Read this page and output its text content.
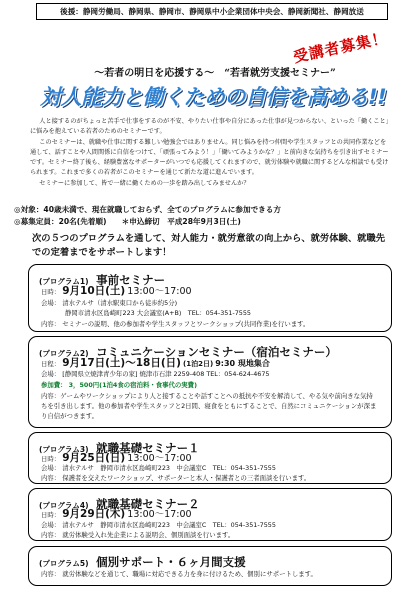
後援：静岡労働局、静岡県、静岡市、静岡県中小企業団体中央会、静岡新聞社、静岡放送
受講者募集！
～若者の明日を応援する～　“若者就労支援セミナー”
対人能力と働くための自信を高める!!

人と接するのがちょっと苦手で仕事をするのが不安、やりたい仕事や自分にあった仕事が見つからない、といった「働くこと」に悩みを抱えている若者のためのセミナーです。

このセミナーは、就職や仕事に関する難しい勉強会ではありません。同じ悩みを持つ仲間や学生スタッフとの共同作業などを通して、話すことや人間関係に自信をつけて、「頑張ってみよう！」「働いてみようかな？」と前向きな気持ちを引き出すセミナーです。セミナー終了後も、経験豊富なサポーターがいつでも応援してくれますので、就労体験や就職に関するどんな相談でも受けられます。これまで多くの若者がこのセミナーを通じて新たな道に進んでいます。

セミナーに参加して、皆で一緒に働くための一歩を踏み出してみませんか？

◎対象：40歳未満で、現在就職しておらず、全てのプログラムに参加できる方
◎募集定員：20名(先着順)　　＊申込締切　平成28年9月3日(土)
次の５つのプログラムを通して、対人能力・就労意欲の向上から、就労体験、就職先での定着までをサポートします！
(プログラム1) 事前セミナー
日時： 9月10日(土) 13:00～17:00
会場： 清水テルサ（清水駅東口から徒歩約5分)
静岡市清水区島崎町223 大会議室(A+B)　TEL：054-351-7555
内容： セミナーの説明、他の参加者や学生スタッフとワークショップ(共同作業)を行います。
(プログラム2) コミュニケーションセミナー（宿泊セミナー）
日程： 9月17日(土)～18日(日) (1泊2日) 9:30 現地集合
会場： [静岡県立焼津青少年の家] 焼津市石津 2259-408 TEL：054-624-4675
参加費： 3，500円(1泊4食の宿泊料・食事代の実費)
内容：ゲームやワークショップにより人と接することや話すことへの抵抗や不安を解消して、やる気や前向きな気持ちを引き出します。他の参加者や学生スタッフと2日間、寝食をともにすることで、自然にコミュニケーションが深まり自信がつきます。
(プログラム3) 就職基礎セミナー１
日時： 9月25日(日) 13:00～17:00
会場： 清水テルサ　静岡市清水区島崎町223　中会議室C　TEL：054-351-7555
内容： 保護者を交えたワークショップ、サポーターと本人・保護者との三者面談を行います。
(プログラム4) 就職基礎セミナー２
日時： 9月29日(木) 13:00～17:00
会場： 清水テルサ　静岡市清水区島崎町223　中会議室C　TEL：054-351-7555
内容： 就労体験受入れ先企業による説明会、個別面談を行います。
(プログラム5) 個別サポート・６ヶ月間支援
内容： 就労体験などを通じて、職場に対応できる力を身に付けるため、個別にサポートします。
